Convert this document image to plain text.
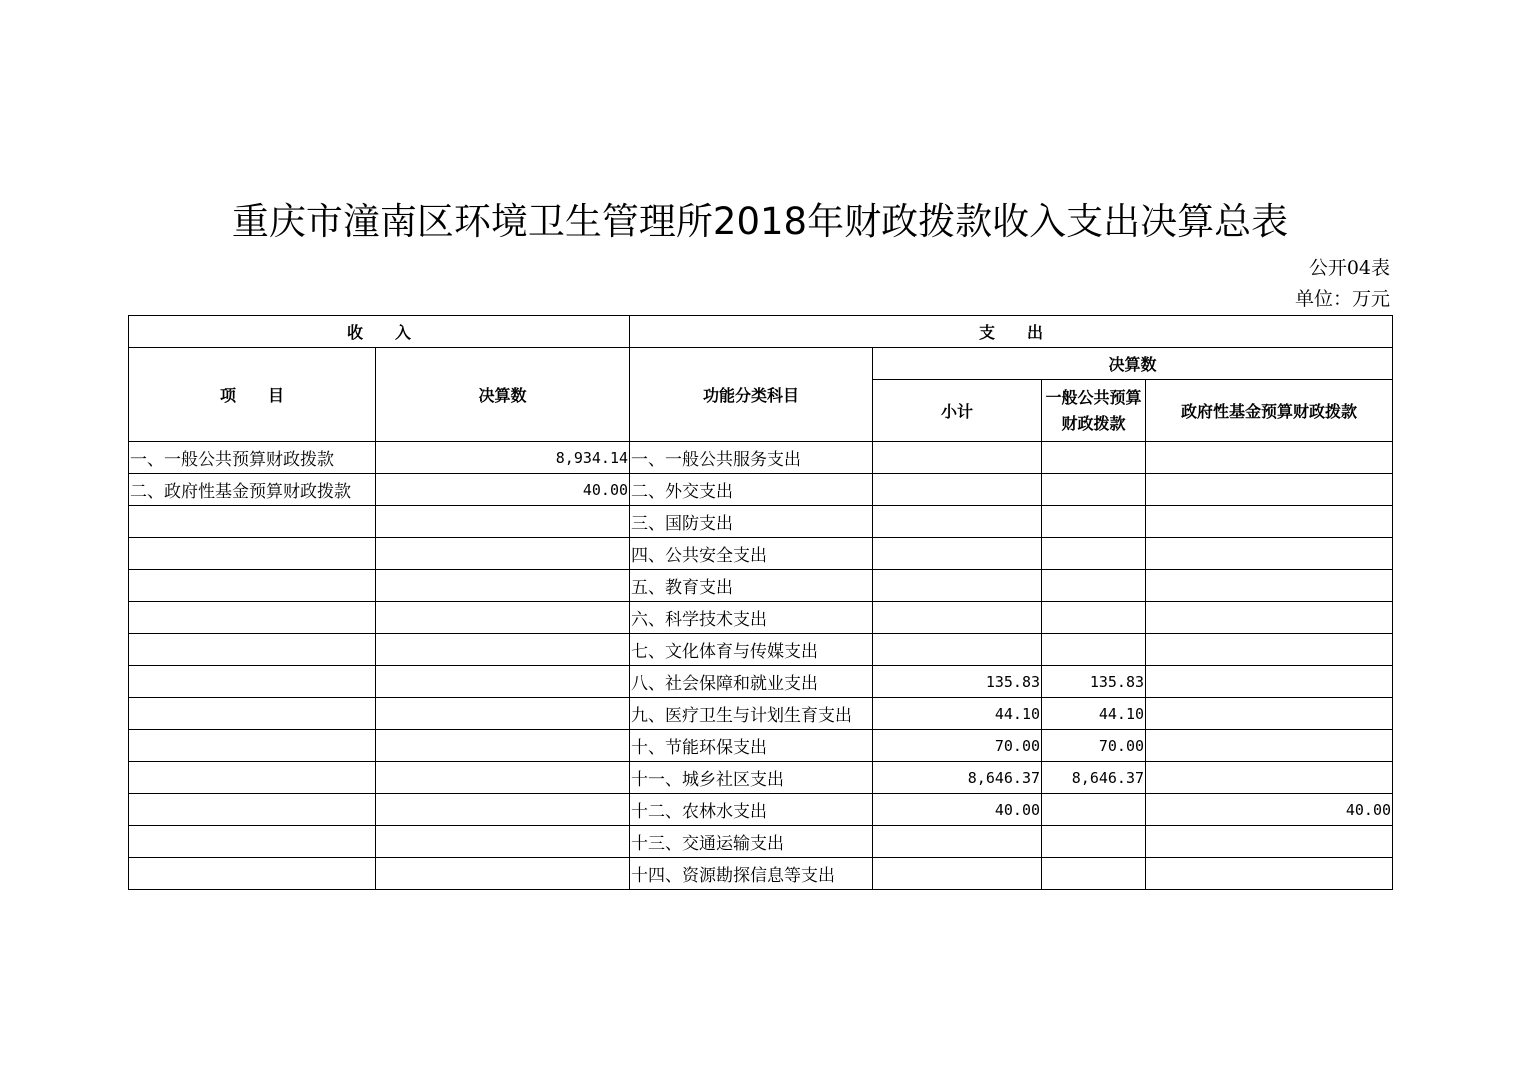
重庆市潼南区环境卫生管理所2018年财政拨款收入支出决算总表
公开04表
单位：万元
收　　入		支　　出			
项　　目	决算数	功能分类科目	决算数		
			小计	一般公共预算财政拨款	政府性基金预算财政拨款
一、一般公共预算财政拨款	8,934.14	一、一般公共服务支出			
二、政府性基金预算财政拨款	40.00	二、外交支出			
		三、国防支出			
		四、公共安全支出			
		五、教育支出			
		六、科学技术支出			
		七、文化体育与传媒支出			
		八、社会保障和就业支出	135.83	135.83	
		九、医疗卫生与计划生育支出	44.10	44.10	
		十、节能环保支出	70.00	70.00	
		十一、城乡社区支出	8,646.37	8,646.37	
		十二、农林水支出	40.00		40.00
		十三、交通运输支出			
		十四、资源勘探信息等支出			
